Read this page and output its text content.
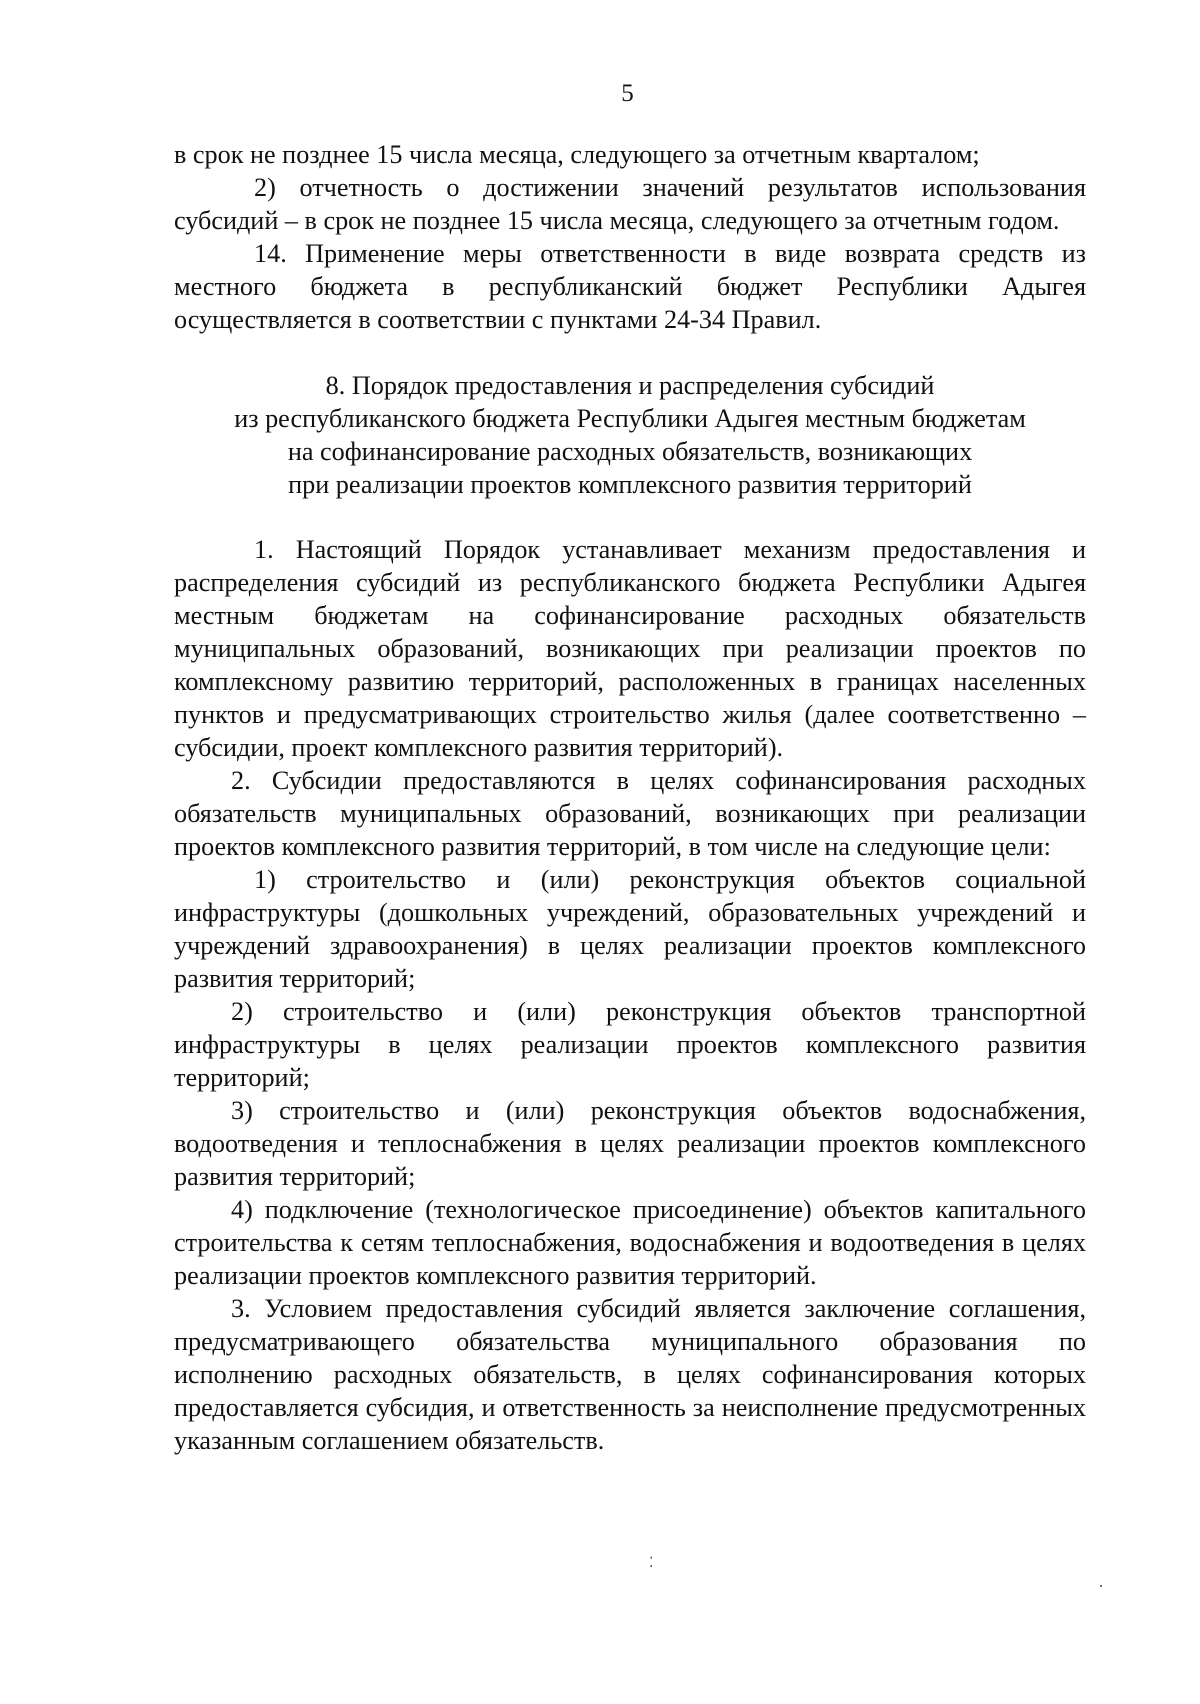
5

в срок не позднее 15 числа месяца, следующего за отчетным кварталом;

2) отчетность о достижении значений результатов использования субсидий – в срок не позднее 15 числа месяца, следующего за отчетным годом.

14. Применение меры ответственности в виде возврата средств из местного бюджета в республиканский бюджет Республики Адыгея осуществляется в соответствии с пунктами 24-34 Правил.

8. Порядок предоставления и распределения субсидий
из республиканского бюджета Республики Адыгея местным бюджетам
на софинансирование расходных обязательств, возникающих
при реализации проектов комплексного развития территорий

1. Настоящий Порядок устанавливает механизм предоставления и распределения субсидий из республиканского бюджета Республики Адыгея местным бюджетам на софинансирование расходных обязательств муниципальных образований, возникающих при реализации проектов по комплексному развитию территорий, расположенных в границах населенных пунктов и предусматривающих строительство жилья (далее соответственно – субсидии, проект комплексного развития территорий).

2. Субсидии предоставляются в целях софинансирования расходных обязательств муниципальных образований, возникающих при реализации проектов комплексного развития территорий, в том числе на следующие цели:

1) строительство и (или) реконструкция объектов социальной инфраструктуры (дошкольных учреждений, образовательных учреждений и учреждений здравоохранения) в целях реализации проектов комплексного развития территорий;

2) строительство и (или) реконструкция объектов транспортной инфраструктуры в целях реализации проектов комплексного развития территорий;

3) строительство и (или) реконструкция объектов водоснабжения, водоотведения и теплоснабжения в целях реализации проектов комплексного развития территорий;

4) подключение (технологическое присоединение) объектов капитального строительства к сетям теплоснабжения, водоснабжения и водоотведения в целях реализации проектов комплексного развития территорий.

3. Условием предоставления субсидий является заключение соглашения, предусматривающего обязательства муниципального образования по исполнению расходных обязательств, в целях софинансирования которых предоставляется субсидия, и ответственность за неисполнение предусмотренных указанным соглашением обязательств.

⁚
